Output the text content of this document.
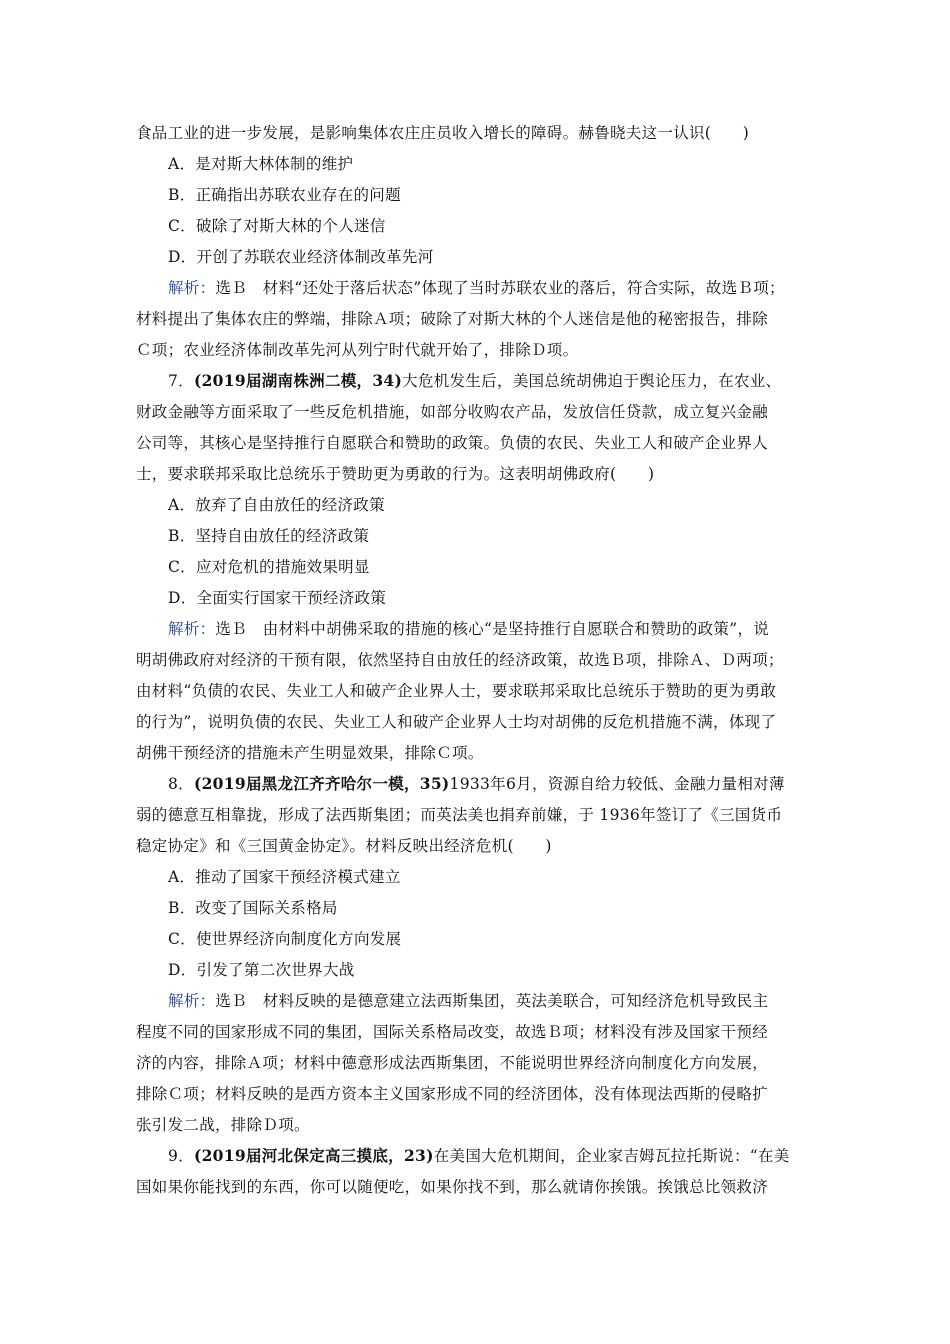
食品工业的进一步发展，是影响集体农庄庄员收入增长的障碍。赫鲁晓夫这一认识(　　)
A．是对斯大林体制的维护
B．正确指出苏联农业存在的问题
C．破除了对斯大林的个人迷信
D．开创了苏联农业经济体制改革先河
解析：选Ｂ　材料“还处于落后状态”体现了当时苏联农业的落后，符合实际，故选Ｂ项；
材料提出了集体农庄的弊端，排除Ａ项；破除了对斯大林的个人迷信是他的秘密报告，排除
Ｃ项；农业经济体制改革先河从列宁时代就开始了，排除Ｄ项。
7．(2019届湖南株洲二模，34)大危机发生后，美国总统胡佛迫于舆论压力，在农业、
财政金融等方面采取了一些反危机措施，如部分收购农产品，发放信任贷款，成立复兴金融
公司等，其核心是坚持推行自愿联合和赞助的政策。负债的农民、失业工人和破产企业界人
士，要求联邦采取比总统乐于赞助更为勇敢的行为。这表明胡佛政府(　　)
A．放弃了自由放任的经济政策
B．坚持自由放任的经济政策
C．应对危机的措施效果明显
D．全面实行国家干预经济政策
解析：选Ｂ　由材料中胡佛采取的措施的核心“是坚持推行自愿联合和赞助的政策”，说
明胡佛政府对经济的干预有限，依然坚持自由放任的经济政策，故选Ｂ项，排除Ａ、Ｄ两项；
由材料“负债的农民、失业工人和破产企业界人士，要求联邦采取比总统乐于赞助的更为勇敢
的行为”，说明负债的农民、失业工人和破产企业界人士均对胡佛的反危机措施不满，体现了
胡佛干预经济的措施未产生明显效果，排除Ｃ项。
8．(2019届黑龙江齐齐哈尔一模，35)1933年6月，资源自给力较低、金融力量相对薄
弱的德意互相靠拢，形成了法西斯集团；而英法美也捐弃前嫌，于 1936年签订了《三国货币
稳定协定》和《三国黄金协定》。材料反映出经济危机(　　)
A．推动了国家干预经济模式建立
B．改变了国际关系格局
C．使世界经济向制度化方向发展
D．引发了第二次世界大战
解析：选Ｂ　材料反映的是德意建立法西斯集团，英法美联合，可知经济危机导致民主
程度不同的国家形成不同的集团，国际关系格局改变，故选Ｂ项；材料没有涉及国家干预经
济的内容，排除Ａ项；材料中德意形成法西斯集团，不能说明世界经济向制度化方向发展，
排除Ｃ项；材料反映的是西方资本主义国家形成不同的经济团体，没有体现法西斯的侵略扩
张引发二战，排除Ｄ项。
9．(2019届河北保定高三摸底，23)在美国大危机期间，企业家吉姆瓦拉托斯说：“在美
国如果你能找到的东西，你可以随便吃，如果你找不到，那么就请你挨饿。挨饿总比领救济
